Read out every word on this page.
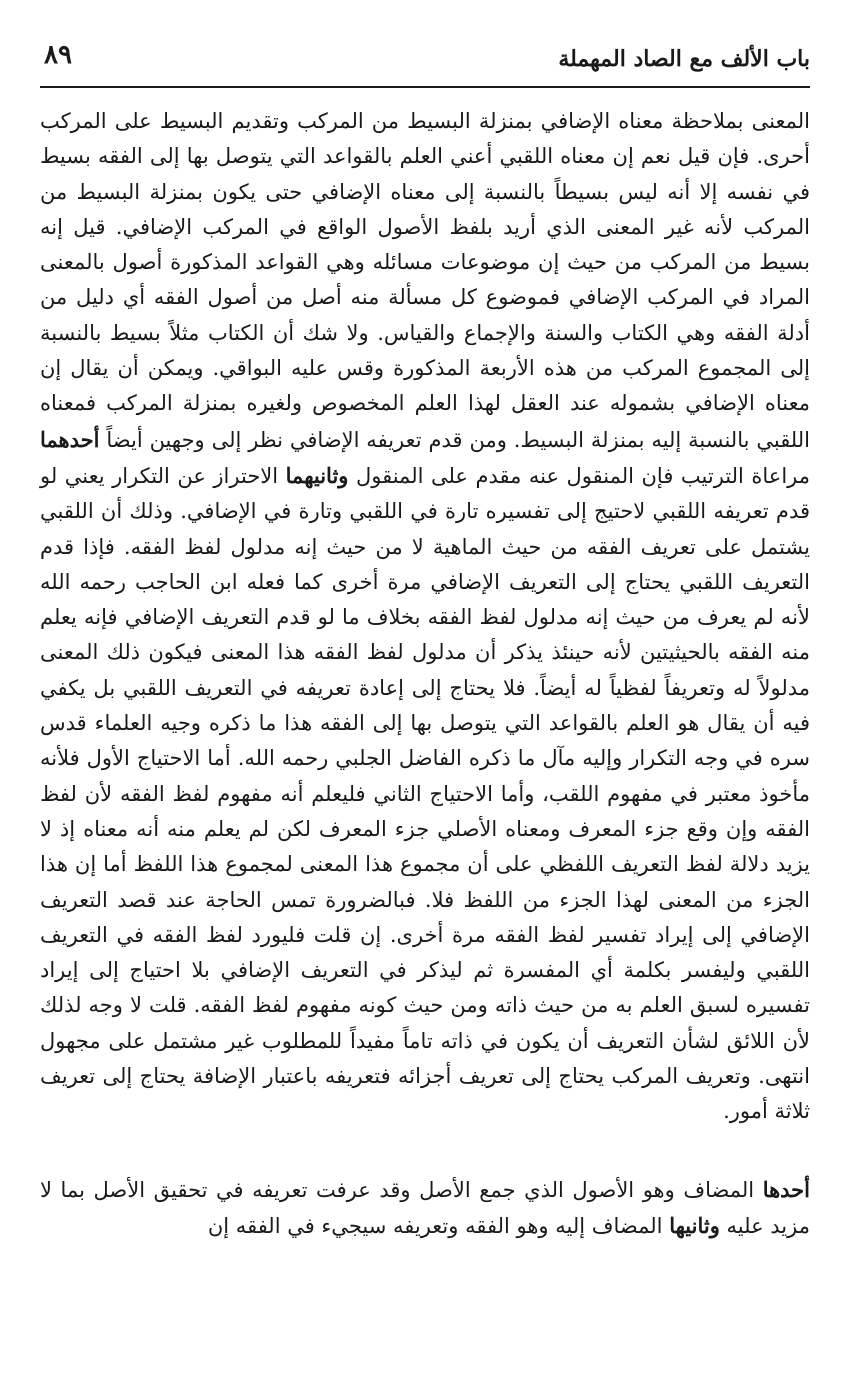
باب الألف مع الصاد المهملة
٨٩

المعنى بملاحظة معناه الإضافي بمنزلة البسيط من المركب وتقديم البسيط على المركب أحرى. فإن قيل نعم إن معناه اللقبي أعني العلم بالقواعد التي يتوصل بها إلى الفقه بسيط في نفسه إلا أنه ليس بسيطاً بالنسبة إلى معناه الإضافي حتى يكون بمنزلة البسيط من المركب لأنه غير المعنى الذي أريد بلفظ الأصول الواقع في المركب الإضافي. قيل إنه بسيط من المركب من حيث إن موضوعات مسائله وهي القواعد المذكورة أصول بالمعنى المراد في المركب الإضافي فموضوع كل مسألة منه أصل من أصول الفقه أي دليل من أدلة الفقه وهي الكتاب والسنة والإجماع والقياس. ولا شك أن الكتاب مثلاً بسيط بالنسبة إلى المجموع المركب من هذه الأربعة المذكورة وقس عليه البواقي. ويمكن أن يقال إن معناه الإضافي بشموله عند العقل لهذا العلم المخصوص ولغيره بمنزلة المركب فمعناه اللقبي بالنسبة إليه بمنزلة البسيط. ومن قدم تعريفه الإضافي نظر إلى وجهين أيضاً أحدهما مراعاة الترتيب فإن المنقول عنه مقدم على المنقول وثانيهما الاحتراز عن التكرار يعني لو قدم تعريفه اللقبي لاحتيج إلى تفسيره تارة في اللقبي وتارة في الإضافي. وذلك أن اللقبي يشتمل على تعريف الفقه من حيث الماهية لا من حيث إنه مدلول لفظ الفقه. فإذا قدم التعريف اللقبي يحتاج إلى التعريف الإضافي مرة أخرى كما فعله ابن الحاجب رحمه الله لأنه لم يعرف من حيث إنه مدلول لفظ الفقه بخلاف ما لو قدم التعريف الإضافي فإنه يعلم منه الفقه بالحيثيتين لأنه حينئذ يذكر أن مدلول لفظ الفقه هذا المعنى فيكون ذلك المعنى مدلولاً له وتعريفاً لفظياً له أيضاً. فلا يحتاج إلى إعادة تعريفه في التعريف اللقبي بل يكفي فيه أن يقال هو العلم بالقواعد التي يتوصل بها إلى الفقه هذا ما ذكره وجيه العلماء قدس سره في وجه التكرار وإليه مآل ما ذكره الفاضل الجلبي رحمه الله. أما الاحتياج الأول فلأنه مأخوذ معتبر في مفهوم اللقب، وأما الاحتياج الثاني فليعلم أنه مفهوم لفظ الفقه لأن لفظ الفقه وإن وقع جزء المعرف ومعناه الأصلي جزء المعرف لكن لم يعلم منه أنه معناه إذ لا يزيد دلالة لفظ التعريف اللفظي على أن مجموع هذا المعنى لمجموع هذا اللفظ أما إن هذا الجزء من المعنى لهذا الجزء من اللفظ فلا. فبالضرورة تمس الحاجة عند قصد التعريف الإضافي إلى إيراد تفسير لفظ الفقه مرة أخرى. إن قلت فليورد لفظ الفقه في التعريف اللقبي وليفسر بكلمة أي المفسرة ثم ليذكر في التعريف الإضافي بلا احتياج إلى إيراد تفسيره لسبق العلم به من حيث ذاته ومن حيث كونه مفهوم لفظ الفقه. قلت لا وجه لذلك لأن اللائق لشأن التعريف أن يكون في ذاته تاماً مفيداً للمطلوب غير مشتمل على مجهول انتهى. وتعريف المركب يحتاج إلى تعريف أجزائه فتعريفه باعتبار الإضافة يحتاج إلى تعريف ثلاثة أمور.

أحدها المضاف وهو الأصول الذي جمع الأصل وقد عرفت تعريفه في تحقيق الأصل بما لا مزيد عليه وثانيها المضاف إليه وهو الفقه وتعريفه سيجيء في الفقه إن
